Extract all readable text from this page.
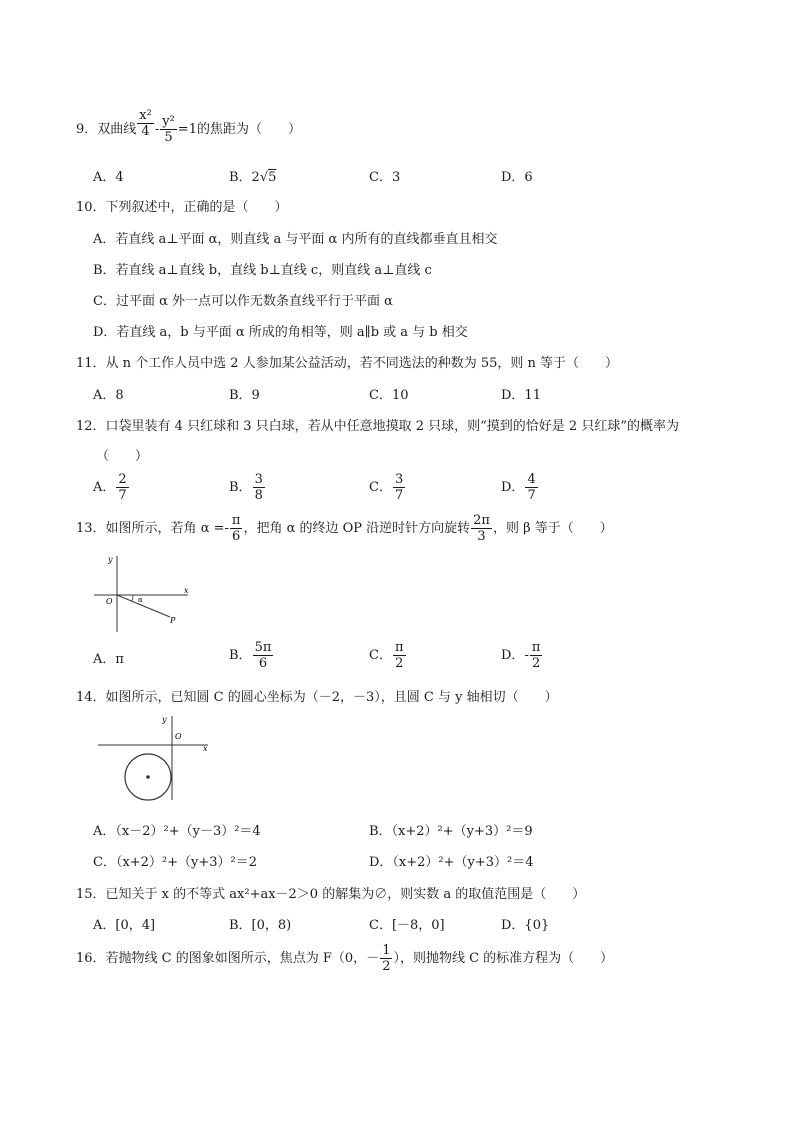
9．双曲线 $\frac{\text{x²}}{4} - \frac{\text{y²}}{5} =1$的焦距为（　　）
A．4	B．2√5	C．3	D．6
10．下列叙述中，正确的是（　　）
A．若直线 a⊥平面 α，则直线 a 与平面 α 内所有的直线都垂直且相交
B．若直线 a⊥直线 b，直线 b⊥直线 c，则直线 a⊥直线 c
C．过平面 α 外一点可以作无数条直线平行于平面 α
D．若直线 a，b 与平面 α 所成的角相等，则 a∥b 或 a 与 b 相交
11．从 n 个工作人员中选 2 人参加某公益活动，若不同选法的种数为 55，则 n 等于（　　）
A．8	B．9	C．10	D．11
12．口袋里装有 4 只红球和 3 只白球，若从中任意地摸取 2 只球，则“摸到的恰好是 2 只红球”的概率为
（　　）
A． $\frac{2}{7}$	B． $\frac{3}{8}$	C． $\frac{3}{7}$	D． $\frac{4}{7}$
13．如图所示，若角 $\alpha =- \frac{\pi}{6}$ ，把角 α 的终边 OP 沿逆时针方向旋转 $\frac{2\pi}{3}$ ，则 β 等于（　　）
y
x
O	α
P
A．π	B． $\frac{5\pi}{6}$	C． $\frac{\pi}{2}$	D．- $\frac{\pi}{2}$
14．如图所示，已知圆 C 的圆心坐标为（－2，－3），且圆 C 与 y 轴相切（　　）
y
O
x
A．（x－2）²+（y－3）²＝4	B．（x+2）²+（y+3）²＝9
C．（x+2）²+（y+3）²＝2	D．（x+2）²+（y+3）²＝4
15．已知关于 x 的不等式 ax²+ax－2＞0 的解集为∅，则实数 a 的取值范围是（　　）
A．[0，4]	B．[0，8)	C．[－8，0]	D．{0}
16．若抛物线 C 的图象如图所示，焦点为 F（0，－ $\frac{1}{2}$ ），则抛物线 C 的标准方程为（　　）
